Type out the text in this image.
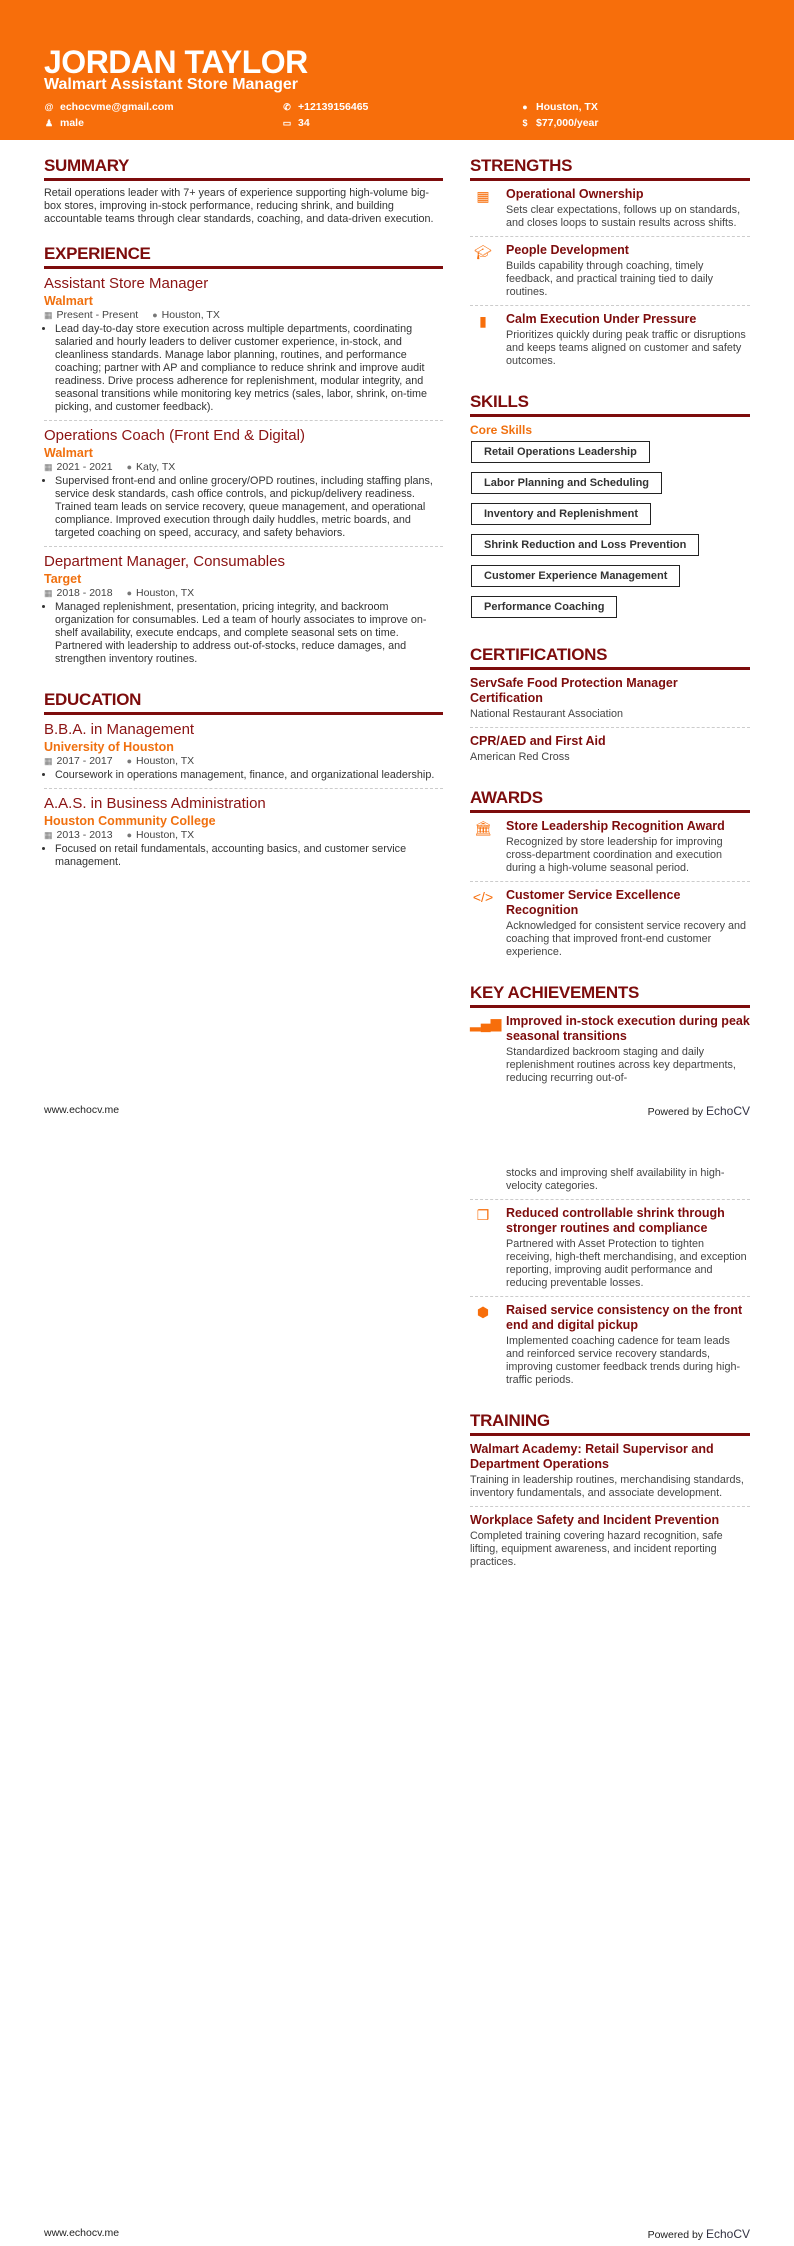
JORDAN TAYLOR
Walmart Assistant Store Manager
@ echocvme@gmail.com	✆ +12139156465	● Houston, TX
♟ male	▭ 34	$ $77,000/year
SUMMARY
Retail operations leader with 7+ years of experience supporting high-volume big-box stores, improving in-stock performance, reducing shrink, and building accountable teams through clear standards, coaching, and data-driven execution.
EXPERIENCE
Assistant Store Manager
Walmart
▦ Present - Present ● Houston, TX
• Lead day-to-day store execution across multiple departments, coordinating salaried and hourly leaders to deliver customer experience, in-stock, and cleanliness standards. Manage labor planning, routines, and performance coaching; partner with AP and compliance to reduce shrink and improve audit readiness. Drive process adherence for replenishment, modular integrity, and seasonal transitions while monitoring key metrics (sales, labor, shrink, on-time picking, and customer feedback).
Operations Coach (Front End & Digital)
Walmart
▦ 2021 - 2021 ● Katy, TX
• Supervised front-end and online grocery/OPD routines, including staffing plans, service desk standards, cash office controls, and pickup/delivery readiness. Trained team leads on service recovery, queue management, and operational compliance. Improved execution through daily huddles, metric boards, and targeted coaching on speed, accuracy, and safety behaviors.
Department Manager, Consumables
Target
▦ 2018 - 2018 ● Houston, TX
• Managed replenishment, presentation, pricing integrity, and backroom organization for consumables. Led a team of hourly associates to improve on-shelf availability, execute endcaps, and complete seasonal sets on time. Partnered with leadership to address out-of-stocks, reduce damages, and strengthen inventory routines.
EDUCATION
B.B.A. in Management
University of Houston
▦ 2017 - 2017 ● Houston, TX
• Coursework in operations management, finance, and organizational leadership.
A.A.S. in Business Administration
Houston Community College
▦ 2013 - 2013 ● Houston, TX
• Focused on retail fundamentals, accounting basics, and customer service management.
STRENGTHS
▦	Operational Ownership
Sets clear expectations, follows up on standards, and closes loops to sustain results across shifts.
🎓︎	People Development
Builds capability through coaching, timely feedback, and practical training tied to daily routines.
▮	Calm Execution Under Pressure
Prioritizes quickly during peak traffic or disruptions and keeps teams aligned on customer and safety outcomes.
SKILLS
Core Skills
Retail Operations Leadership
Labor Planning and Scheduling
Inventory and Replenishment
Shrink Reduction and Loss Prevention
Customer Experience Management
Performance Coaching
CERTIFICATIONS
ServSafe Food Protection Manager Certification
National Restaurant Association
CPR/AED and First Aid
American Red Cross
AWARDS
🏛︎	Store Leadership Recognition Award
Recognized by store leadership for improving cross-department coordination and execution during a high-volume seasonal period.
</> Customer Service Excellence Recognition
Acknowledged for consistent service recovery and coaching that improved front-end customer experience.
KEY ACHIEVEMENTS
▂▄▆ Improved in-stock execution during peak seasonal transitions
Standardized backroom staging and daily replenishment routines across key departments, reducing recurring out-of-
www.echocv.me	Powered by EchoCV
stocks and improving shelf availability in high-velocity categories.
❐	Reduced controllable shrink through stronger routines and compliance
Partnered with Asset Protection to tighten receiving, high-theft merchandising, and exception reporting, improving audit performance and reducing preventable losses.
⬢	Raised service consistency on the front end and digital pickup
Implemented coaching cadence for team leads and reinforced service recovery standards, improving customer feedback trends during high-traffic periods.
TRAINING
Walmart Academy: Retail Supervisor and Department Operations
Training in leadership routines, merchandising standards, inventory fundamentals, and associate development.
Workplace Safety and Incident Prevention
Completed training covering hazard recognition, safe lifting, equipment awareness, and incident reporting practices.
www.echocv.me	Powered by EchoCV
